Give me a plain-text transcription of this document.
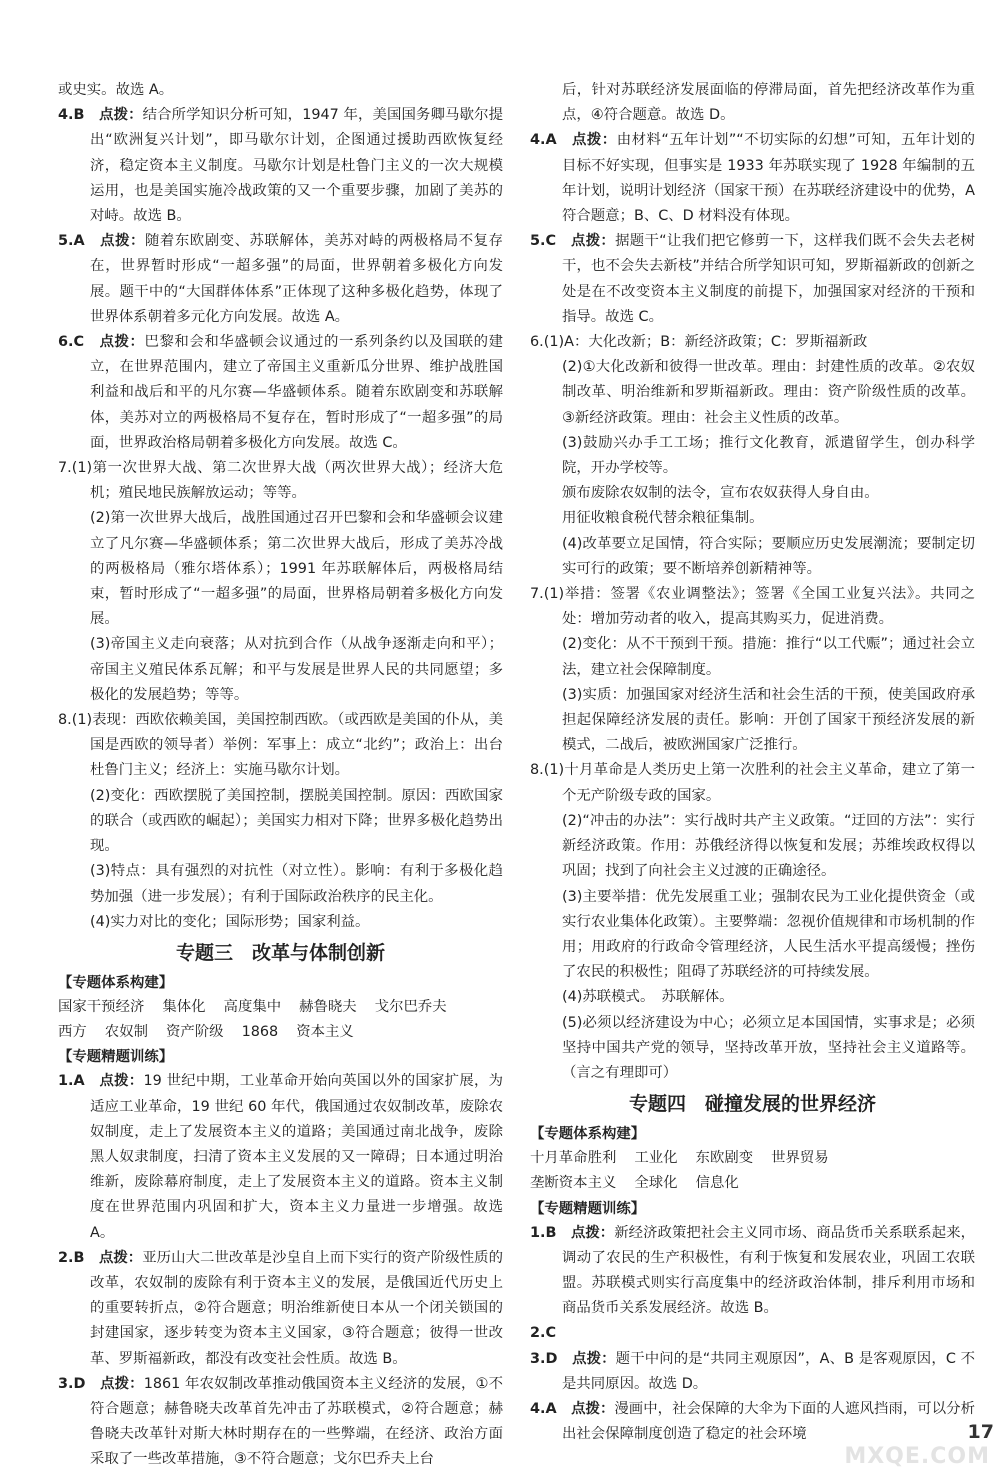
或史实。故选 A。
4.B　 点拨：结合所学知识分析可知，1947 年，美国国务卿马歇尔提出“欧洲复兴计划”，即马歇尔计划，企图通过援助西欧恢复经济，稳定资本主义制度。马歇尔计划是杜鲁门主义的一次大规模运用，也是美国实施冷战政策的又一个重要步骤，加剧了美苏的对峙。故选 B。
5.A　 点拨：随着东欧剧变、苏联解体，美苏对峙的两极格局不复存在，世界暂时形成“一超多强”的局面，世界朝着多极化方向发展。题干中的“大国群体体系”正体现了这种多极化趋势，体现了世界体系朝着多元化方向发展。故选 A。
6.C　 点拨：巴黎和会和华盛顿会议通过的一系列条约以及国联的建立，在世界范围内，建立了帝国主义重新瓜分世界、维护战胜国利益和战后和平的凡尔赛—华盛顿体系。随着东欧剧变和苏联解体，美苏对立的两极格局不复存在，暂时形成了“一超多强”的局面，世界政治格局朝着多极化方向发展。故选 C。
7.(1)第一次世界大战、第二次世界大战（两次世界大战）；经济大危机；殖民地民族解放运动；等等。
(2)第一次世界大战后，战胜国通过召开巴黎和会和华盛顿会议建立了凡尔赛—华盛顿体系；第二次世界大战后，形成了美苏冷战的两极格局（雅尔塔体系）；1991 年苏联解体后，两极格局结束，暂时形成了“一超多强”的局面，世界格局朝着多极化方向发展。
(3)帝国主义走向衰落；从对抗到合作（从战争逐渐走向和平）；帝国主义殖民体系瓦解；和平与发展是世界人民的共同愿望；多极化的发展趋势；等等。
8.(1)表现：西欧依赖美国，美国控制西欧。（或西欧是美国的仆从，美国是西欧的领导者）举例：军事上：成立“北约”；政治上：出台杜鲁门主义；经济上：实施马歇尔计划。
(2)变化：西欧摆脱了美国控制，摆脱美国控制。原因：西欧国家的联合（或西欧的崛起）；美国实力相对下降；世界多极化趋势出现。
(3)特点：具有强烈的对抗性（对立性）。影响：有利于多极化趋势加强（进一步发展）；有利于国际政治秩序的民主化。
(4)实力对比的变化；国际形势；国家利益。
专题三　改革与体制创新
【专题体系构建】
国家干预经济 集体化 高度集中 赫鲁晓夫 戈尔巴乔夫
西方 农奴制 资产阶级 1868 资本主义
【专题精题训练】
1.A　 点拨：19 世纪中期，工业革命开始向英国以外的国家扩展，为适应工业革命，19 世纪 60 年代，俄国通过农奴制改革，废除农奴制度，走上了发展资本主义的道路；美国通过南北战争，废除黑人奴隶制度，扫清了资本主义发展的又一障碍；日本通过明治维新，废除幕府制度，走上了发展资本主义的道路。资本主义制度在世界范围内巩固和扩大，资本主义力量进一步增强。故选 A。
2.B　 点拨：亚历山大二世改革是沙皇自上而下实行的资产阶级性质的改革，农奴制的废除有利于资本主义的发展，是俄国近代历史上的重要转折点，②符合题意；明治维新使日本从一个闭关锁国的封建国家，逐步转变为资本主义国家，③符合题意；彼得一世改革、罗斯福新政，都没有改变社会性质。故选 B。
3.D　 点拨：1861 年农奴制改革推动俄国资本主义经济的发展，①不符合题意；赫鲁晓夫改革首先冲击了苏联模式，②符合题意；赫鲁晓夫改革针对斯大林时期存在的一些弊端，在经济、政治方面采取了一些改革措施，③不符合题意；戈尔巴乔夫上台
后，针对苏联经济发展面临的停滞局面，首先把经济改革作为重点，④符合题意。故选 D。
4.A　 点拨：由材料“五年计划”“不切实际的幻想”可知，五年计划的目标不好实现，但事实是 1933 年苏联实现了 1928 年编制的五年计划，说明计划经济（国家干预）在苏联经济建设中的优势，A 符合题意；B、C、D 材料没有体现。
5.C　 点拨：据题干“让我们把它修剪一下，这样我们既不会失去老树干，也不会失去新枝”并结合所学知识可知，罗斯福新政的创新之处是在不改变资本主义制度的前提下，加强国家对经济的干预和指导。故选 C。
6.(1)A：大化改新；B：新经济政策；C：罗斯福新政
(2)①大化改新和彼得一世改革。理由：封建性质的改革。②农奴制改革、明治维新和罗斯福新政。理由：资产阶级性质的改革。③新经济政策。理由：社会主义性质的改革。
(3)鼓励兴办手工工场；推行文化教育，派遣留学生，创办科学院，开办学校等。
颁布废除农奴制的法令，宣布农奴获得人身自由。
用征收粮食税代替余粮征集制。
(4)改革要立足国情，符合实际；要顺应历史发展潮流；要制定切实可行的政策；要不断培养创新精神等。
7.(1)举措：签署《农业调整法》；签署《全国工业复兴法》。共同之处：增加劳动者的收入，提高其购买力，促进消费。
(2)变化：从不干预到干预。措施：推行“以工代赈”；通过社会立法，建立社会保障制度。
(3)实质：加强国家对经济生活和社会生活的干预，使美国政府承担起保障经济发展的责任。影响：开创了国家干预经济发展的新模式，二战后，被欧洲国家广泛推行。
8.(1)十月革命是人类历史上第一次胜利的社会主义革命，建立了第一个无产阶级专政的国家。
(2)“冲击的办法”：实行战时共产主义政策。“迂回的方法”：实行新经济政策。作用：苏俄经济得以恢复和发展；苏维埃政权得以巩固；找到了向社会主义过渡的正确途径。
(3)主要举措：优先发展重工业；强制农民为工业化提供资金（或实行农业集体化政策）。主要弊端：忽视价值规律和市场机制的作用；用政府的行政命令管理经济，人民生活水平提高缓慢；挫伤了农民的积极性；阻碍了苏联经济的可持续发展。
(4)苏联模式。　苏联解体。
(5)必须以经济建设为中心；必须立足本国国情，实事求是；必须坚持中国共产党的领导，坚持改革开放，坚持社会主义道路等。（言之有理即可）
专题四　碰撞发展的世界经济
【专题体系构建】
十月革命胜利 工业化 东欧剧变 世界贸易
垄断资本主义 全球化 信息化
【专题精题训练】
1.B　 点拨：新经济政策把社会主义同市场、商品货币关系联系起来，调动了农民的生产积极性，有利于恢复和发展农业，巩固工农联盟。苏联模式则实行高度集中的经济政治体制，排斥利用市场和商品货币关系发展经济。故选 B。
2.C
3.D　 点拨：题干中问的是“共同主观原因”，A、B 是客观原因，C 不是共同原因。故选 D。
4.A　 点拨：漫画中，社会保障的大伞为下面的人遮风挡雨，可以分析出社会保障制度创造了稳定的社会环境	17
MXQE.COM
